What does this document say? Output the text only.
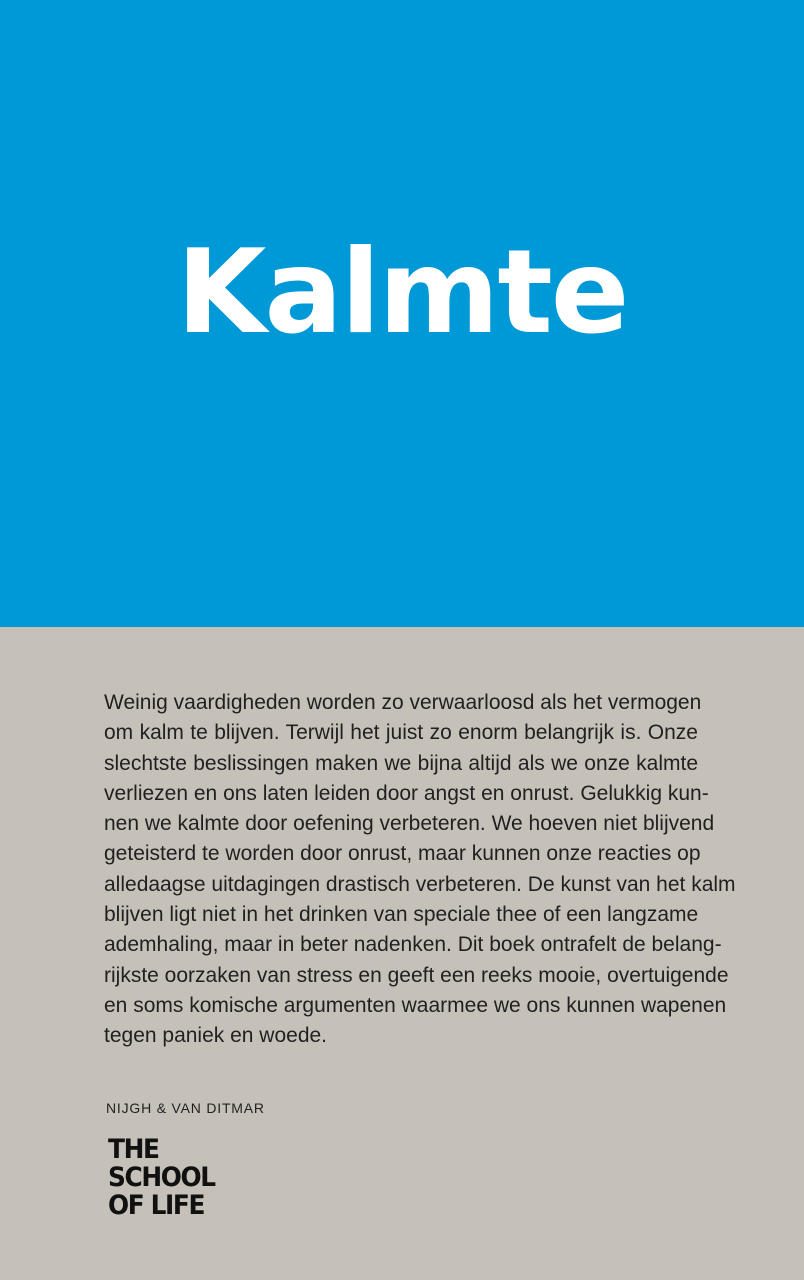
Kalmte
Weinig vaardigheden worden zo verwaarloosd als het vermogen
om kalm te blijven. Terwijl het juist zo enorm belangrijk is. Onze
slechtste beslissingen maken we bijna altijd als we onze kalmte
verliezen en ons laten leiden door angst en onrust. Gelukkig kun-
nen we kalmte door oefening verbeteren. We hoeven niet blijvend
geteisterd te worden door onrust, maar kunnen onze reacties op
alledaagse uitdagingen drastisch verbeteren. De kunst van het kalm
blijven ligt niet in het drinken van speciale thee of een langzame
ademhaling, maar in beter nadenken. Dit boek ontrafelt de belang-
rijkste oorzaken van stress en geeft een reeks mooie, overtuigende
en soms komische argumenten waarmee we ons kunnen wapenen
tegen paniek en woede.
NIJGH & VAN DITMAR
THE
SCHOOL
OF LIFE
